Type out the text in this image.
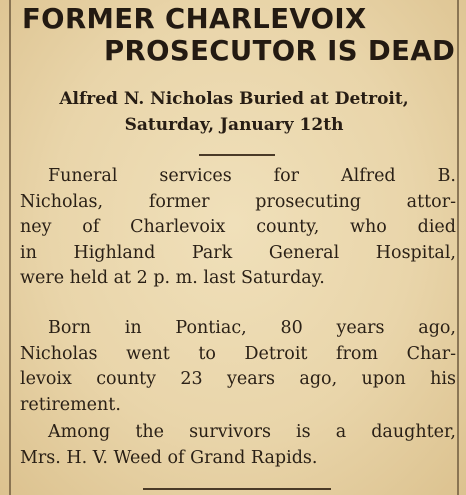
FORMER CHARLEVOIX
PROSECUTOR IS DEAD
Alfred N. Nicholas Buried at Detroit,
Saturday, January 12th

Funeral services for Alfred B.
Nicholas, former prosecuting attor-
ney of Charlevoix county, who died
in Highland Park General Hospital,
were held at 2 p. m. last Saturday.

Born in Pontiac, 80 years ago,
Nicholas went to Detroit from Char-
levoix county 23 years ago, upon his
retirement.

Among the survivors is a daughter,
Mrs. H. V. Weed of Grand Rapids.
